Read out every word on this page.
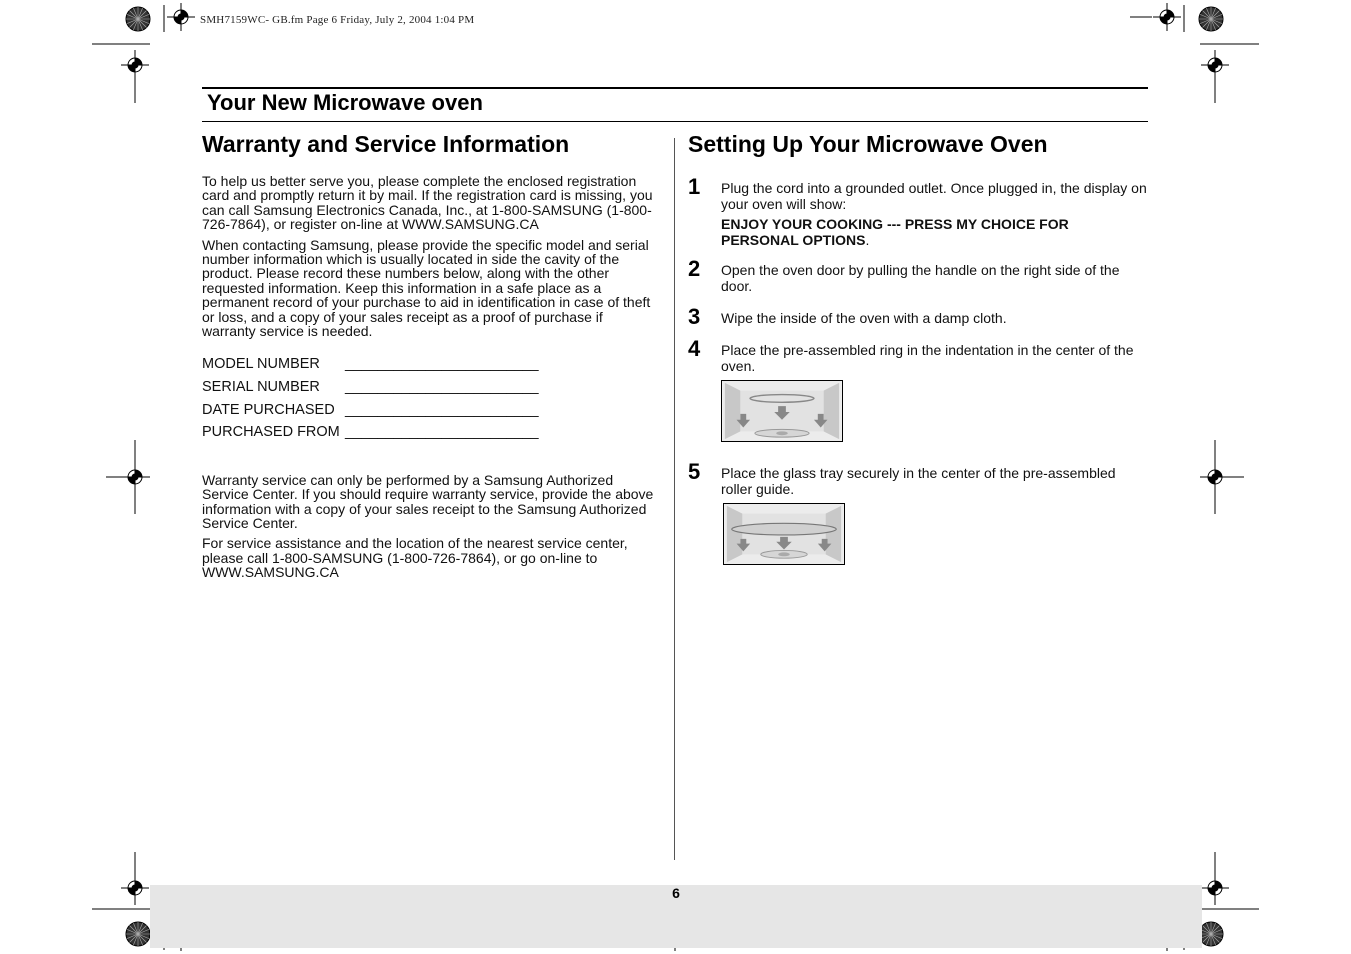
SMH7159WC- GB.fm Page 6 Friday, July 2, 2004 1:04 PM
Your New Microwave oven
Warranty and Service Information

To help us better serve you, please complete the enclosed registration card and promptly return it by mail. If the registration card is missing, you can call Samsung Electronics Canada, Inc., at 1-800-SAMSUNG (1-800-726-7864), or register on-line at WWW.SAMSUNG.CA

When contacting Samsung, please provide the specific model and serial number information which is usually located in side the cavity of the product. Please record these numbers below, along with the other requested information. Keep this information in a safe place as a permanent record of your purchase to aid in identification in case of theft or loss, and a copy of your sales receipt as a proof of purchase if warranty service is needed.

MODEL NUMBER	________________________
SERIAL NUMBER	________________________
DATE PURCHASED ________________________
PURCHASED FROM ________________________

Warranty service can only be performed by a Samsung Authorized Service Center. If you should require warranty service, provide the above information with a copy of your sales receipt to the Samsung Authorized Service Center.

For service assistance and the location of the nearest service center, please call 1-800-SAMSUNG (1-800-726-7864), or go on-line to WWW.SAMSUNG.CA

Setting Up Your Microwave Oven
1 Plug the cord into a grounded outlet. Once plugged in, the display on your oven will show:
ENJOY YOUR COOKING --- PRESS MY CHOICE FOR PERSONAL OPTIONS.
2 Open the oven door by pulling the handle on the right side of the door.
3 Wipe the inside of the oven with a damp cloth.
4 Place the pre-assembled ring in the indentation in the center of the oven.
5 Place the glass tray securely in the center of the pre-assembled roller guide.
6
